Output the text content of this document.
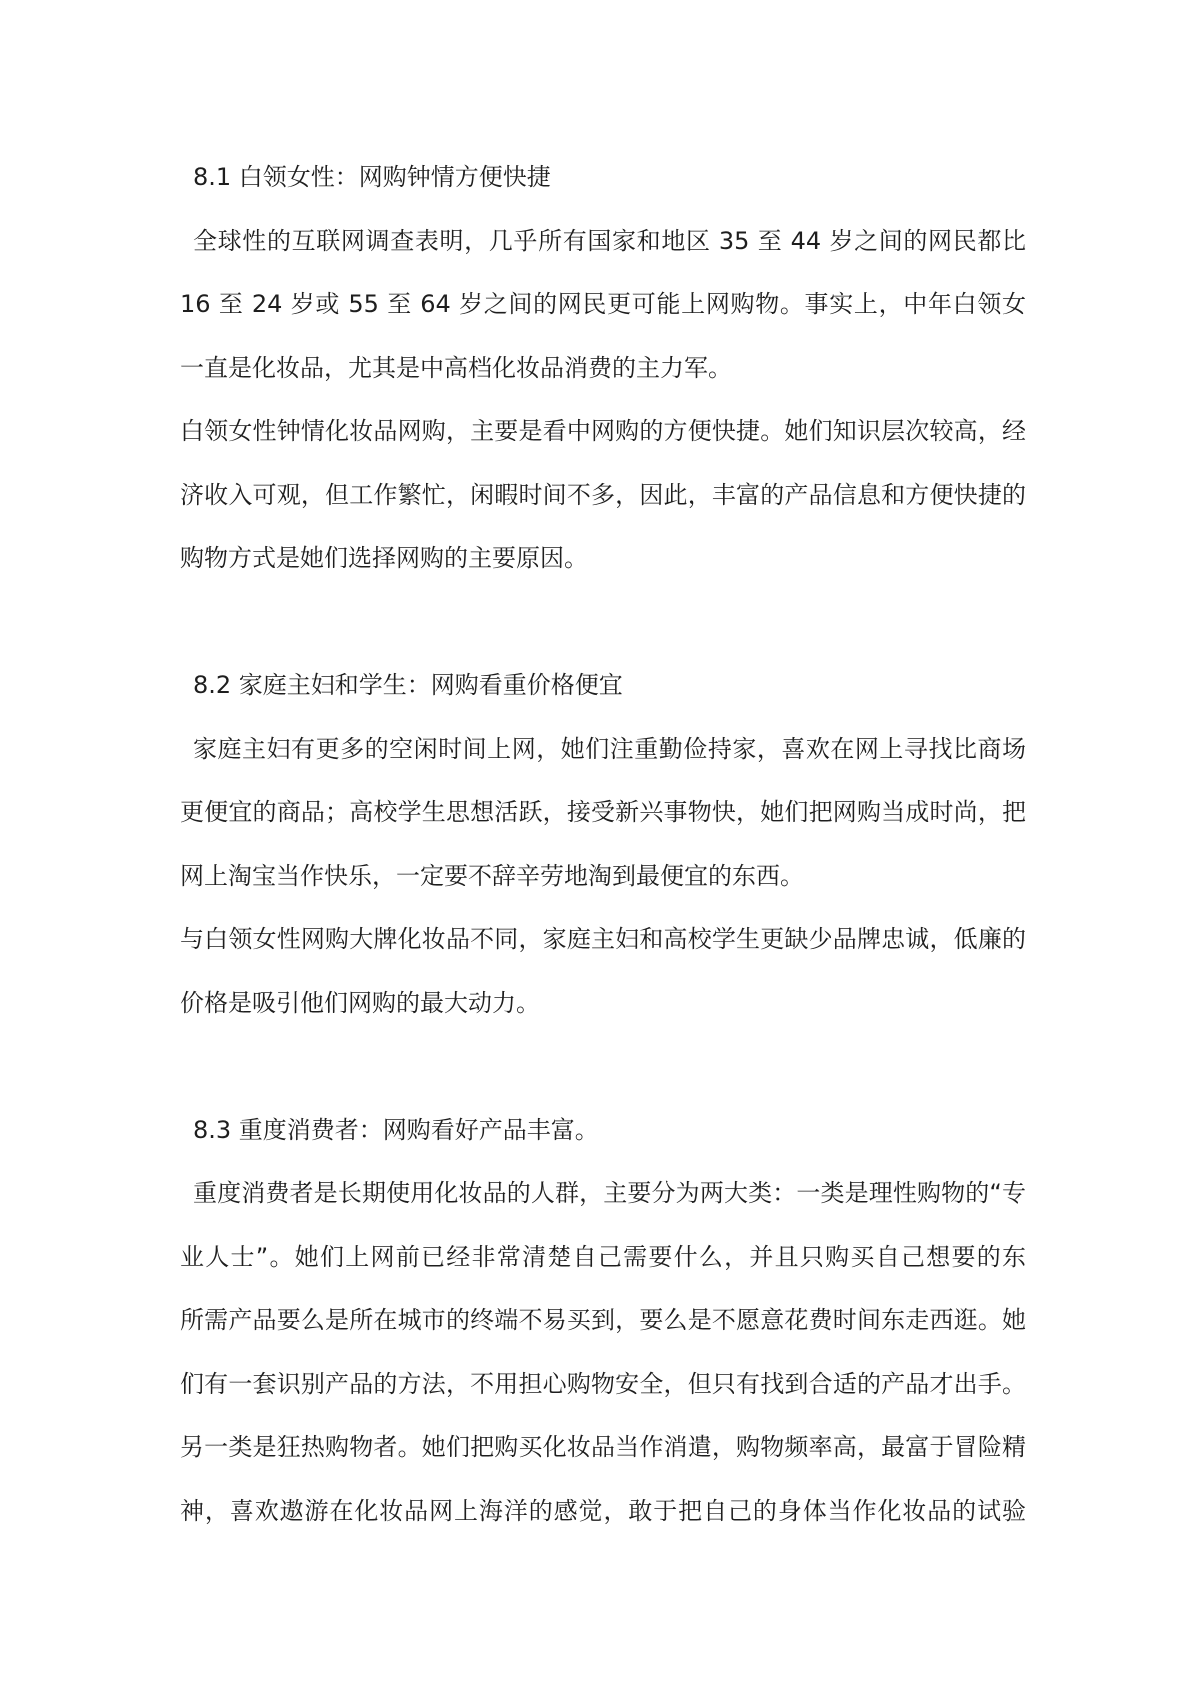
8.1 白领女性：网购钟情方便快捷
全球性的互联网调查表明，几乎所有国家和地区 35 至 44 岁之间的网民都比
16 至 24 岁或 55 至 64 岁之间的网民更可能上网购物。事实上，中年白领女
一直是化妆品，尤其是中高档化妆品消费的主力军。
白领女性钟情化妆品网购，主要是看中网购的方便快捷。她们知识层次较高，经
济收入可观，但工作繁忙，闲暇时间不多，因此，丰富的产品信息和方便快捷的
购物方式是她们选择网购的主要原因。
8.2 家庭主妇和学生：网购看重价格便宜
家庭主妇有更多的空闲时间上网，她们注重勤俭持家，喜欢在网上寻找比商场
更便宜的商品；高校学生思想活跃，接受新兴事物快，她们把网购当成时尚，把
网上淘宝当作快乐，一定要不辞辛劳地淘到最便宜的东西。
与白领女性网购大牌化妆品不同，家庭主妇和高校学生更缺少品牌忠诚，低廉的
价格是吸引他们网购的最大动力。
8.3 重度消费者：网购看好产品丰富。
重度消费者是长期使用化妆品的人群，主要分为两大类：一类是理性购物的“专
业人士”。她们上网前已经非常清楚自己需要什么，并且只购买自己想要的东
所需产品要么是所在城市的终端不易买到，要么是不愿意花费时间东走西逛。她
们有一套识别产品的方法，不用担心购物安全，但只有找到合适的产品才出手。
另一类是狂热购物者。她们把购买化妆品当作消遣，购物频率高，最富于冒险精
神，喜欢遨游在化妆品网上海洋的感觉，敢于把自己的身体当作化妆品的试验
